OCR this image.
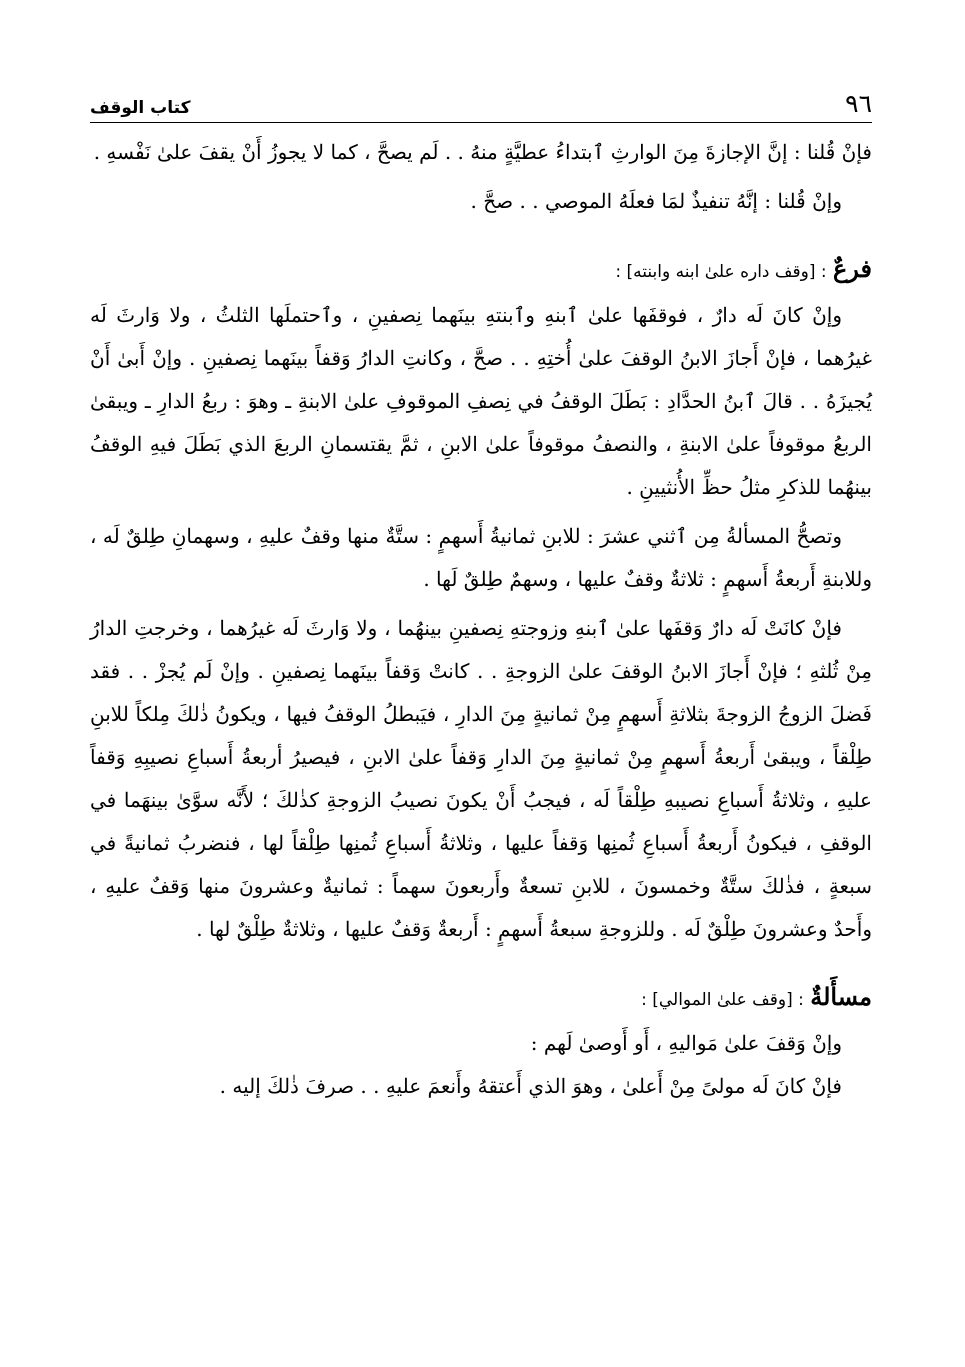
٩٦
كتاب الوقف

فإنْ قُلنا : إنَّ الإجازةَ مِنَ الوارثِ ٱبتداءُ عطيَّةٍ منهُ . . لَم يصحَّ ، كما لا يجوزُ أَنْ يقفَ علىٰ نَفْسهِ .

وإنْ قُلنا : إنَّهُ تنفيذٌ لمَا فعلَهُ الموصي . . صحَّ .

فرعٌ : [وقف داره علىٰ ابنه وابنته] :

وإنْ كانَ لَه دارٌ ، فوقفَها علىٰ ٱبنهِ وٱبنتهِ بينَهما نِصفينِ ، وٱحتملَها الثلثُ ، ولا وَارثَ لَه غيرُهما ، فإنْ أَجازَ الابنُ الوقفَ علىٰ أُختِهِ . . صحَّ ، وكانتِ الدارُ وَقفاً بينَهما نِصفينِ . وإنْ أَبىٰ أَنْ يُجيزَهُ . . قالَ ٱبنُ الحدَّادِ : بَطَلَ الوقفُ في نِصفِ الموقوفِ علىٰ الابنةِ ـ وهوَ : ربعُ الدارِ ـ ويبقىٰ الربعُ موقوفاً علىٰ الابنةِ ، والنصفُ موقوفاً علىٰ الابنِ ، ثمَّ يقتسمانِ الربعَ الذي بَطَلَ فيهِ الوقفُ بينهُما للذكرِ مثلُ حظِّ الأُنثيينِ .

وتصحُّ المسألةُ مِن ٱثني عشرَ : للابنِ ثمانيةُ أَسهمٍ : ستَّةٌ منها وقفٌ عليهِ ، وسهمانِ طِلقٌ لَه ، وللابنةِ أَربعةُ أَسهمٍ : ثلاثةٌ وقفٌ عليها ، وسهمٌ طِلقٌ لَها .

فإنْ كانَتْ لَه دارٌ وَقفَها علىٰ ٱبنهِ وزوجتهِ نِصفينِ بينهُما ، ولا وَارثَ لَه غيرُهما ، وخرجتِ الدارُ مِنْ ثُلثهِ ؛ فإنْ أَجازَ الابنُ الوقفَ علىٰ الزوجةِ . . كانتْ وَقفاً بينَهما نِصفينِ . وإنْ لَم يُجزْ . . فقد فَضلَ الزوجُ الزوجةَ بثلاثةِ أَسهمٍ مِنْ ثمانيةٍ مِنَ الدارِ ، فيَبطلُ الوقفُ فيها ، ويكونُ ذٰلكَ مِلكاً للابنِ طِلْقاً ، ويبقىٰ أَربعةُ أَسهمٍ مِنْ ثمانيةٍ مِنَ الدارِ وَقفاً علىٰ الابنِ ، فيصيرُ أربعةُ أَسباعِ نصيبِهِ وَقفاً عليهِ ، وثلاثةُ أَسباعِ نصيبهِ طِلْقاً لَه ، فيجبُ أَنْ يكونَ نصيبُ الزوجةِ كذٰلكَ ؛ لأَنَّه سوَّىٰ بينهَما في الوقفِ ، فيكونُ أَربعةُ أَسباعِ ثُمنِها وَقفاً عليها ، وثلاثةُ أَسباعِ ثُمنِها طِلْقاً لها ، فنضربُ ثمانيةً في سبعةٍ ، فذٰلكَ ستَّةٌ وخمسونَ ، للابنِ تسعةٌ وأَربعونَ سهماً : ثمانيةٌ وعشرونَ منها وَقفٌ عليهِ ، وأَحدٌ وعشرونَ طِلْقٌ لَه . وللزوجةِ سبعةُ أَسهمٍ : أَربعةٌ وَقفٌ عليها ، وثلاثةٌ طِلْقٌ لها .

مسأَلةٌ : [وقف علىٰ الموالي] :

وإنْ وَقفَ علىٰ مَواليهِ ، أَو أَوصىٰ لَهم :

فإنْ كانَ لَه مولىً مِنْ أَعلىٰ ، وهوَ الذي أَعتقهُ وأَنعمَ عليهِ . . صرفَ ذٰلكَ إليه .
